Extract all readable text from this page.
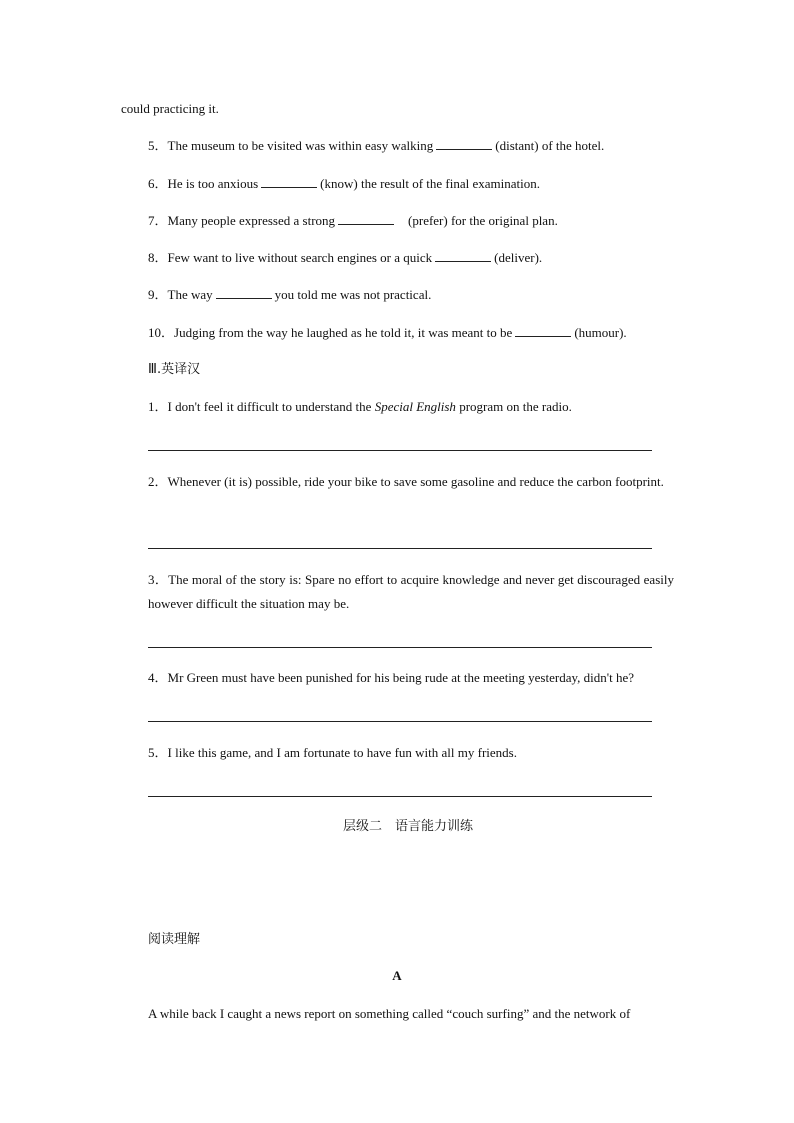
could practicing it.
5．The museum to be visited was within easy walking	(distant) of the hotel.
6．He is too anxious	(know) the result of the final examination.
7．Many people expressed a strong	(prefer) for the original plan.
8．Few want to live without search engines or a quick	(deliver).
9．The way	you told me was not practical.
10．Judging from the way he laughed as he told it, it was meant to be	(humour).
Ⅲ.英译汉
1．I don't feel it difficult to understand the Special English program on the radio.
2．Whenever (it is) possible, ride your bike to save some gasoline and reduce the carbon footprint.
3．The moral of the story is: Spare no effort to acquire knowledge and never get discouraged easily however difficult the situation may be.
4．Mr Green must have been punished for his being rude at the meeting yesterday, didn't he?
5．I like this game, and I am fortunate to have fun with all my friends.
层级二　语言能力训练
阅读理解
A
A while back I caught a news report on something called “couch surfing” and the network of
